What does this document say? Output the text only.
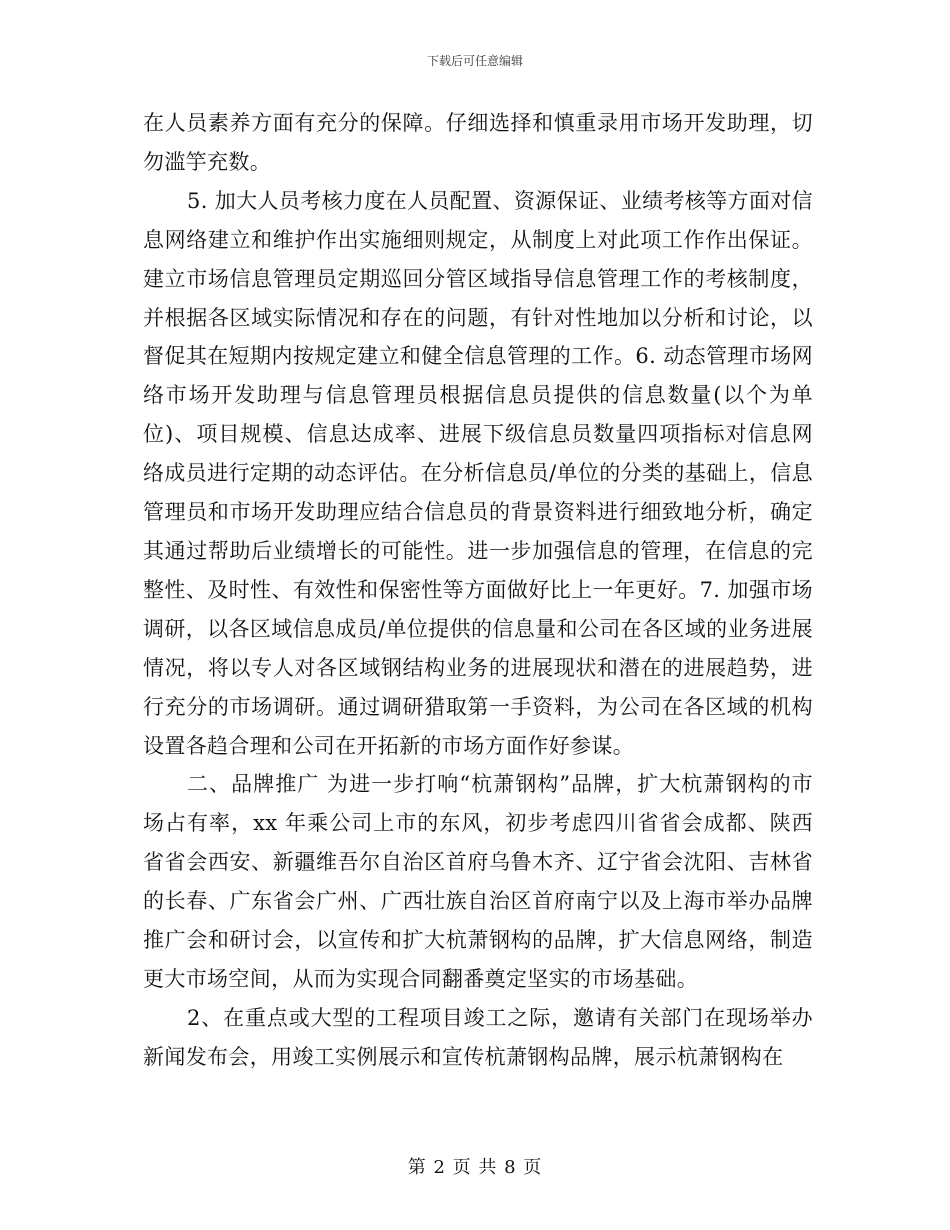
下载后可任意编辑

在人员素养方面有充分的保障。仔细选择和慎重录用市场开发助理，切勿滥竽充数。

5. 加大人员考核力度在人员配置、资源保证、业绩考核等方面对信息网络建立和维护作出实施细则规定，从制度上对此项工作作出保证。建立市场信息管理员定期巡回分管区域指导信息管理工作的考核制度，并根据各区域实际情况和存在的问题，有针对性地加以分析和讨论，以督促其在短期内按规定建立和健全信息管理的工作。6. 动态管理市场网络市场开发助理与信息管理员根据信息员提供的信息数量(以个为单位)、项目规模、信息达成率、进展下级信息员数量四项指标对信息网络成员进行定期的动态评估。在分析信息员/单位的分类的基础上，信息管理员和市场开发助理应结合信息员的背景资料进行细致地分析，确定其通过帮助后业绩增长的可能性。进一步加强信息的管理，在信息的完整性、及时性、有效性和保密性等方面做好比上一年更好。7. 加强市场调研，以各区域信息成员/单位提供的信息量和公司在各区域的业务进展情况，将以专人对各区域钢结构业务的进展现状和潜在的进展趋势，进行充分的市场调研。通过调研猎取第一手资料，为公司在各区域的机构设置各趋合理和公司在开拓新的市场方面作好参谋。

二、品牌推广 为进一步打响“杭萧钢构”品牌，扩大杭萧钢构的市场占有率，xx 年乘公司上市的东风，初步考虑四川省省会成都、陕西省省会西安、新疆维吾尔自治区首府乌鲁木齐、辽宁省会沈阳、吉林省的长春、广东省会广州、广西壮族自治区首府南宁以及上海市举办品牌推广会和研讨会，以宣传和扩大杭萧钢构的品牌，扩大信息网络，制造更大市场空间，从而为实现合同翻番奠定坚实的市场基础。

2、在重点或大型的工程项目竣工之际，邀请有关部门在现场举办新闻发布会，用竣工实例展示和宣传杭萧钢构品牌，展示杭萧钢构在

第 2 页 共 8 页
